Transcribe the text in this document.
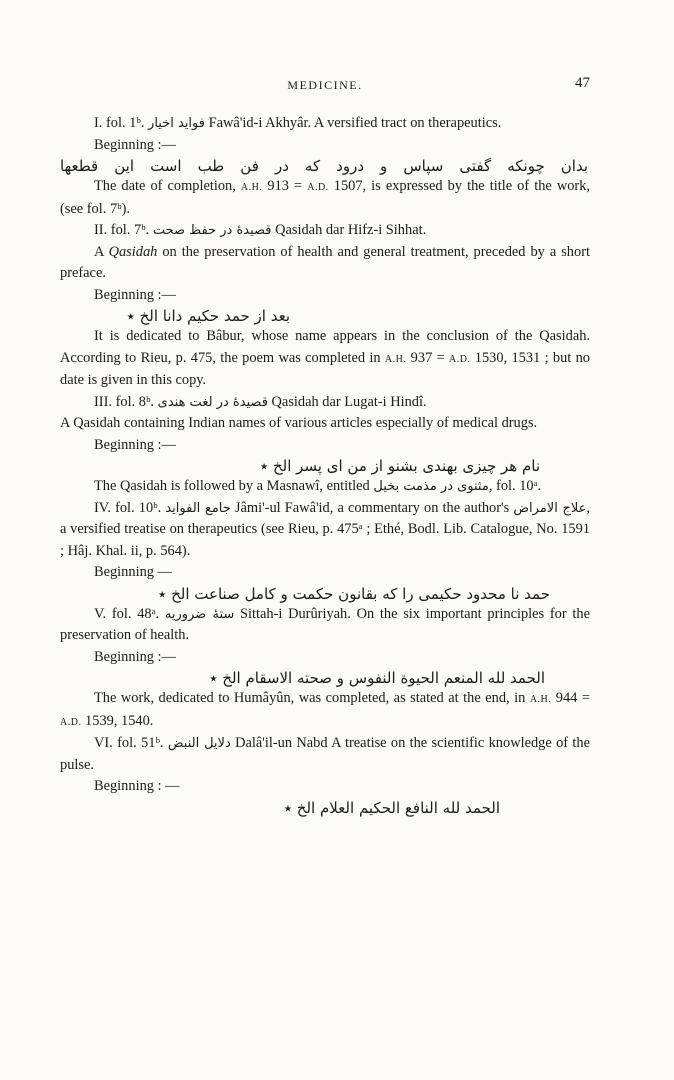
MEDICINE.	47

I. fol. 1ᵇ. فواید اخیار Fawâ'id-i Akhyâr. A versified tract on therapeutics.

Beginning :—

بدان چونکه گفتی سپاس و درود که در فن طب است این قطعها

The date of completion, A.H. 913 = A.D. 1507, is expressed by the title of the work, (see fol. 7ᵇ).

II. fol. 7ᵇ. قصیدهٔ در حفظ صحت Qasidah dar Hifz-i Sihhat.

A Qasidah on the preservation of health and general treatment, preceded by a short preface.

Beginning :—

بعد از حمد حکیم دانا الخ ٭

It is dedicated to Bâbur, whose name appears in the conclusion of the Qasidah. According to Rieu, p. 475, the poem was completed in A.H. 937 = A.D. 1530, 1531 ; but no date is given in this copy.

III. fol. 8ᵇ. قصیدهٔ در لغت هندی Qasidah dar Lugat-i Hindî.

A Qasidah containing Indian names of various articles especially of medical drugs.

Beginning :—

نام هر چیزی بهندی بشنو از من ای پسر الخ ٭

The Qasidah is followed by a Masnawî, entitled مثنوی در مذمت بخیل, fol. 10ᵃ.

IV. fol. 10ᵇ. جامع الفواید Jâmi'-ul Fawâ'id, a commentary on the author's علاج الامراض, a versified treatise on therapeutics (see Rieu, p. 475ᵃ ; Ethé, Bodl. Lib. Catalogue, No. 1591 ; Hâj. Khal. ii, p. 564).

Beginning —

حمد نا محدود حکیمی را که بقانون حکمت و کامل صناعت الخ ٭

V. fol. 48ᵃ. ستهٔ ضروریه Sittah-i Durûriyah. On the six important principles for the preservation of health.

Beginning :—

الحمد لله المنعم الحیوة النفوس و صحته الاسقام الخ ٭

The work, dedicated to Humâyûn, was completed, as stated at the end, in A.H. 944 = A.D. 1539, 1540.

VI. fol. 51ᵇ. دلایل النبض Dalâ'il-un Nabd A treatise on the scientific knowledge of the pulse.

Beginning : —

الحمد لله النافع الحکیم العلام الخ ٭
